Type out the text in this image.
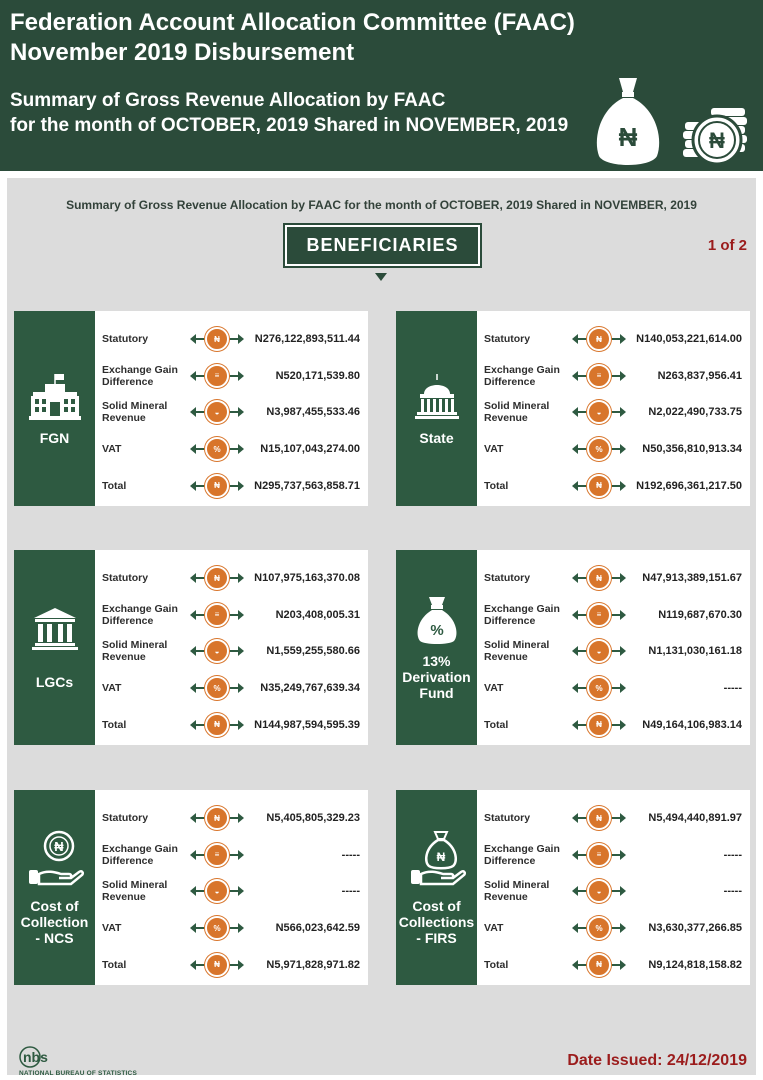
Federation Account Allocation Committee (FAAC)
November 2019 Disbursement
Summary of Gross Revenue Allocation by FAAC
for the month of OCTOBER, 2019 Shared in NOVEMBER, 2019 ₦	₦
Summary of Gross Revenue Allocation by FAAC for the month of OCTOBER, 2019 Shared in NOVEMBER, 2019
BENEFICIARIES	1 of 2
FGN
Statutory	₦	N276,122,893,511.44
Exchange Gain
Difference	≡	N520,171,539.80
Solid Mineral
Revenue	◒	N3,987,455,533.46
VAT	%	N15,107,043,274.00
Total	₦	N295,737,563,858.71
State
Statutory	₦	N140,053,221,614.00
Exchange Gain
Difference	≡	N263,837,956.41
Solid Mineral
Revenue	◒	N2,022,490,733.75
VAT	%	N50,356,810,913.34
Total	₦	N192,696,361,217.50
LGCs
Statutory	₦	N107,975,163,370.08
Exchange Gain
Difference	≡	N203,408,005.31
Solid Mineral
Revenue	◒	N1,559,255,580.66
VAT	%	N35,249,767,639.34
Total	₦	N144,987,594,595.39
%
13%
Derivation
Fund
Statutory	₦	N47,913,389,151.67
Exchange Gain
Difference	≡	N119,687,670.30
Solid Mineral
Revenue	◒	N1,131,030,161.18
VAT	%	-----
Total	₦	N49,164,106,983.14
₦
Cost of
Collection
- NCS
Statutory	₦	N5,405,805,329.23
Exchange Gain
Difference	≡	-----
Solid Mineral
Revenue	◒	-----
VAT	%	N566,023,642.59
Total	₦	N5,971,828,971.82
₦
Cost of
Collections
- FIRS
Statutory	₦	N5,494,440,891.97
Exchange Gain
Difference	≡	-----
Solid Mineral
Revenue	◒	-----
VAT	%	N3,630,377,266.85
Total	₦	N9,124,818,158.82
nbs
NATIONAL BUREAU OF STATISTICS
Date Issued: 24/12/2019
